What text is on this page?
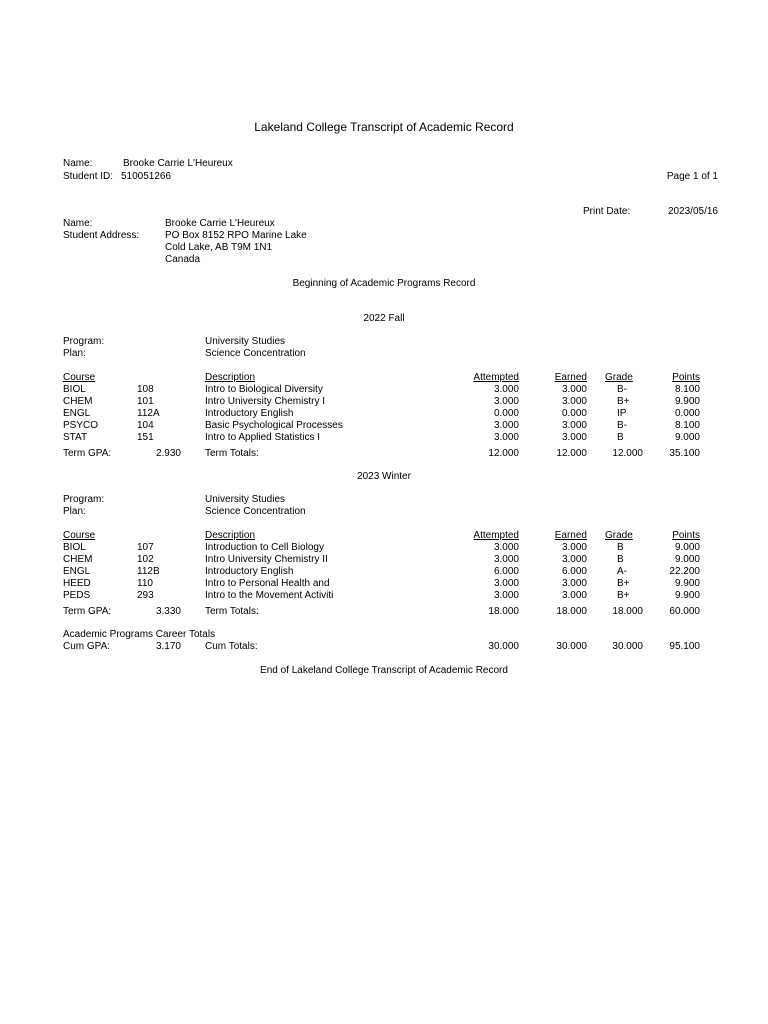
Lakeland College Transcript of Academic Record
Name:	Brooke Carrie L'Heureux
Student ID: 510051266	Page 1 of 1
Print Date:	2023/05/16
Name:	Brooke Carrie L'Heureux
Student Address:	PO Box 8152 RPO Marine Lake
Cold Lake, AB T9M 1N1
Canada
Beginning of Academic Programs Record
2022 Fall
Program:	University Studies
Plan:	Science Concentration
Course	Description	Attempted	Earned Grade	Points
BIOL	108	Intro to Biological Diversity	3.000	3.000	B-	8.100
CHEM	101	Intro University Chemistry I	3.000	3.000	B+	9.900
ENGL	112A	Introductory English	0.000	0.000	IP	0.000
PSYCO	104	Basic Psychological Processes	3.000	3.000	B-	8.100
STAT	151	Intro to Applied Statistics I	3.000	3.000	B	9.000
Term GPA:	2.930 Term Totals:	12.000	12.000	12.000	35.100
2023 Winter
Program:	University Studies
Plan:	Science Concentration
Course	Description	Attempted	Earned Grade	Points
BIOL	107	Introduction to Cell Biology	3.000	3.000	B	9.000
CHEM	102	Intro University Chemistry II	3.000	3.000	B	9.000
ENGL	112B	Introductory English	6.000	6.000	A-	22.200
HEED	110	Intro to Personal Health and	3.000	3.000	B+	9.900
PEDS	293	Intro to the Movement Activiti	3.000	3.000	B+	9.900
Term GPA:	3.330 Term Totals:	18.000	18.000	18.000	60.000
Academic Programs Career Totals
Cum GPA:	3.170 Cum Totals:	30.000	30.000	30.000	95.100
End of Lakeland College Transcript of Academic Record
